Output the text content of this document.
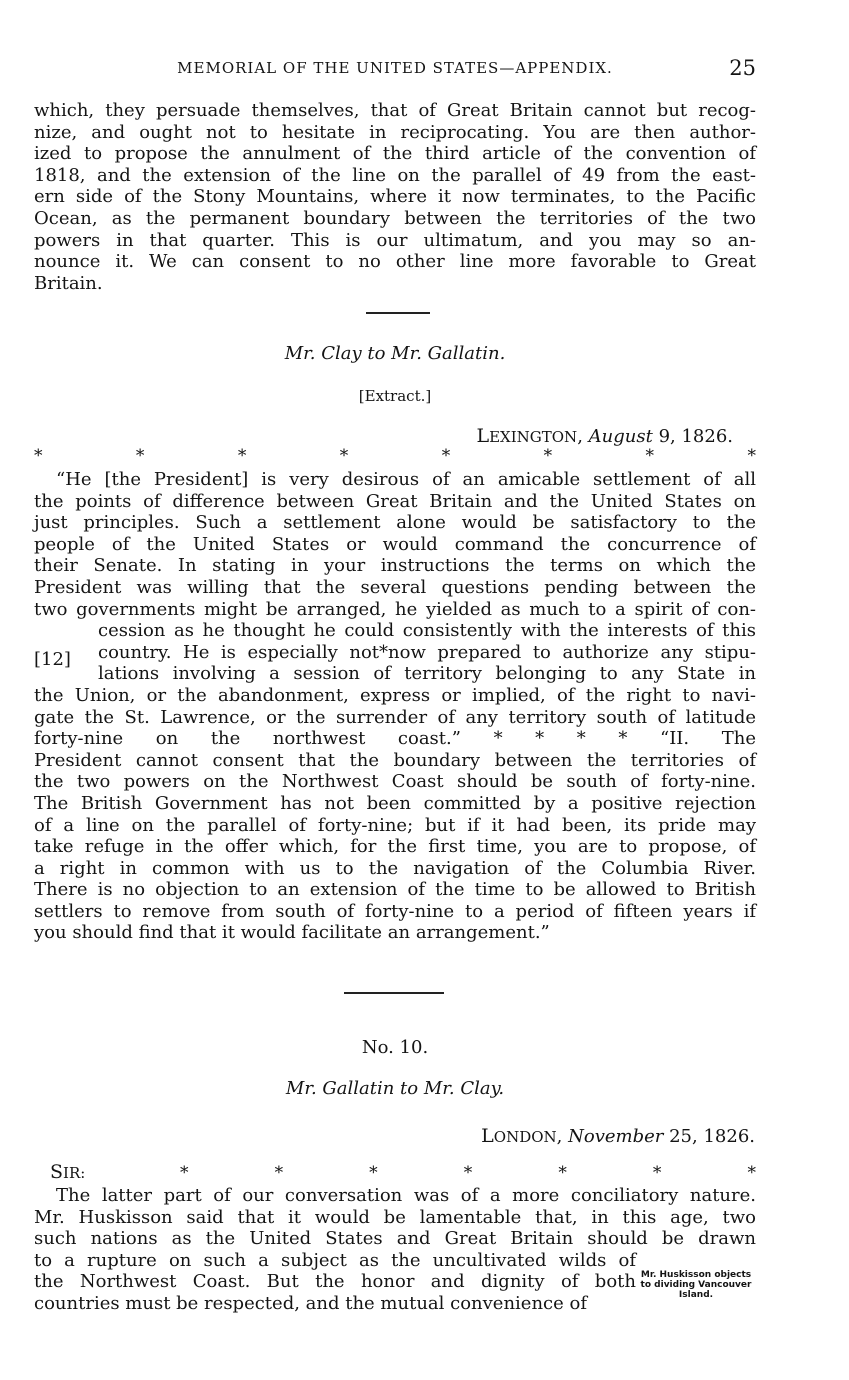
MEMORIAL OF THE UNITED STATES—APPENDIX.	25
which, they persuade themselves, that of Great Britain cannot but recog-
nize, and ought not to hesitate in reciprocating. You are then author-
ized to propose the annulment of the third article of the convention of
1818, and the extension of the line on the parallel of 49 from the east-
ern side of the Stony Mountains, where it now terminates, to the Pacific
Ocean, as the permanent boundary between the territories of the two
powers in that quarter. This is our ultimatum, and you may so an-
nounce it. We can consent to no other line more favorable to Great
Britain.
Mr. Clay to Mr. Gallatin.
[Extract.]
LEXINGTON, August 9, 1826.
*	*	*	*	*	*	*	*
“He [the President] is very desirous of an amicable settlement of all
the points of difference between Great Britain and the United States on
just principles. Such a settlement alone would be satisfactory to the
people of the United States or would command the concurrence of
their Senate. In stating in your instructions the terms on which the
President was willing that the several questions pending between the
two governments might be arranged, he yielded as much to a spirit of con-
cession as he thought he could consistently with the interests of this
country. He is especially not*now prepared to authorize any stipu-
lations involving a session of territory belonging to any State in
the Union, or the abandonment, express or implied, of the right to navi-
gate the St. Lawrence, or the surrender of any territory south of latitude
forty-nine on the northwest coast.” * * * * “II. The
President cannot consent that the boundary between the territories of
the two powers on the Northwest Coast should be south of forty-nine.
The British Government has not been committed by a positive rejection
of a line on the parallel of forty-nine; but if it had been, its pride may
take refuge in the offer which, for the first time, you are to propose, of
a right in common with us to the navigation of the Columbia River.
There is no objection to an extension of the time to be allowed to British
settlers to remove from south of forty-nine to a period of fifteen years if
you should find that it would facilitate an arrangement.”
[12]
No. 10.
Mr. Gallatin to Mr. Clay.
LONDON, November 25, 1826.
SIR:	*	*	*	*	*	*	*
The latter part of our conversation was of a more conciliatory nature.
Mr. Huskisson said that it would be lamentable that, in this age, two
such nations as the United States and Great Britain should be drawn
to a rupture on such a subject as the uncultivated wilds of
the Northwest Coast. But the honor and dignity of both
countries must be respected, and the mutual convenience of
Mr. Huskisson objects to dividing Vancouver Island.
